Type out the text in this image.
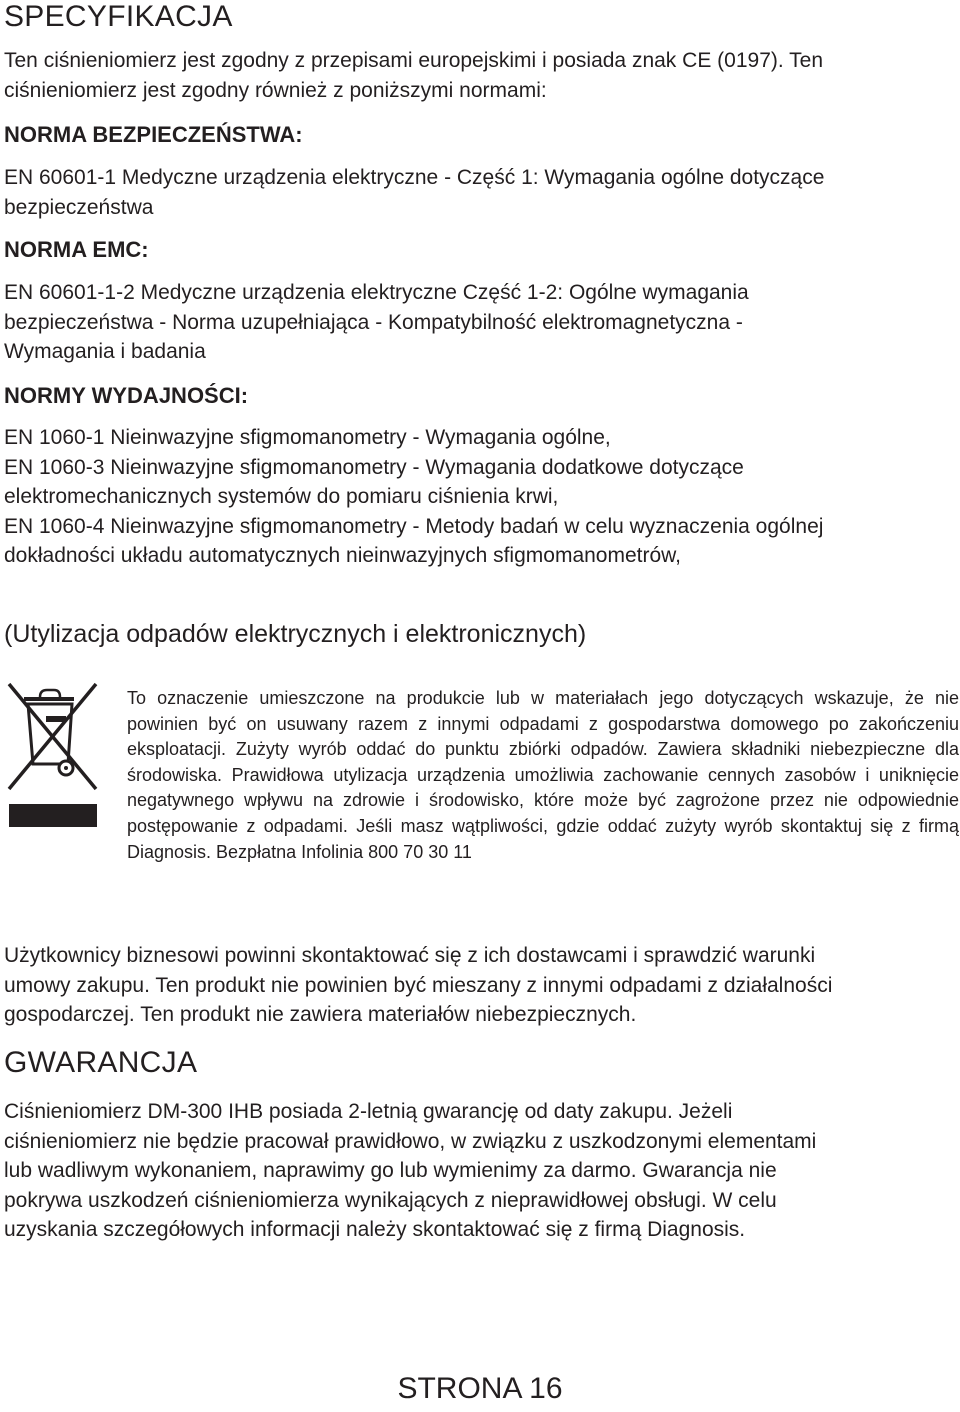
SPECYFIKACJA

Ten ciśnieniomierz jest zgodny z przepisami europejskimi i posiada znak CE (0197). Ten
ciśnieniomierz jest zgodny również z poniższymi normami:

NORMA BEZPIECZEŃSTWA:

EN 60601-1 Medyczne urządzenia elektryczne - Część 1: Wymagania ogólne dotyczące
bezpieczeństwa

NORMA EMC:

EN 60601-1-2 Medyczne urządzenia elektryczne Część 1-2: Ogólne wymagania
bezpieczeństwa - Norma uzupełniająca - Kompatybilność elektromagnetyczna -
Wymagania i badania

NORMY WYDAJNOŚCI:

EN 1060-1 Nieinwazyjne sfigmomanometry - Wymagania ogólne,
EN 1060-3 Nieinwazyjne sfigmomanometry - Wymagania dodatkowe dotyczące
elektromechanicznych systemów do pomiaru ciśnienia krwi,
EN 1060-4 Nieinwazyjne sfigmomanometry - Metody badań w celu wyznaczenia ogólnej
dokładności układu automatycznych nieinwazyjnych sfigmomanometrów,

(Utylizacja odpadów elektrycznych i elektronicznych)

To oznaczenie umieszczone na produkcie lub w materiałach jego dotyczących wskazuje, że nie powinien być on usuwany razem z innymi odpadami z gospodarstwa domowego po zakończeniu eksploatacji. Zużyty wyrób oddać do punktu zbiórki odpadów. Zawiera składniki niebezpieczne dla środowiska. Prawidłowa utylizacja urządzenia umożliwia zachowanie cennych zasobów i uniknięcie negatywnego wpływu na zdrowie i środowisko, które może być zagrożone przez nie odpowiednie postępowanie z odpadami. Jeśli masz wątpliwości, gdzie oddać zużyty wyrób skontaktuj się z firmą Diagnosis. Bezpłatna Infolinia 800 70 30 11

Użytkownicy biznesowi powinni skontaktować się z ich dostawcami i sprawdzić warunki
umowy zakupu. Ten produkt nie powinien być mieszany z innymi odpadami z działalności
gospodarczej. Ten produkt nie zawiera materiałów niebezpiecznych.

GWARANCJA

Ciśnieniomierz DM-300 IHB posiada 2-letnią gwarancję od daty zakupu. Jeżeli
ciśnieniomierz nie będzie pracował prawidłowo, w związku z uszkodzonymi elementami
lub wadliwym wykonaniem, naprawimy go lub wymienimy za darmo. Gwarancja nie
pokrywa uszkodzeń ciśnieniomierza wynikających z nieprawidłowej obsługi. W celu
uzyskania szczegółowych informacji należy skontaktować się z firmą Diagnosis.

STRONA 16
